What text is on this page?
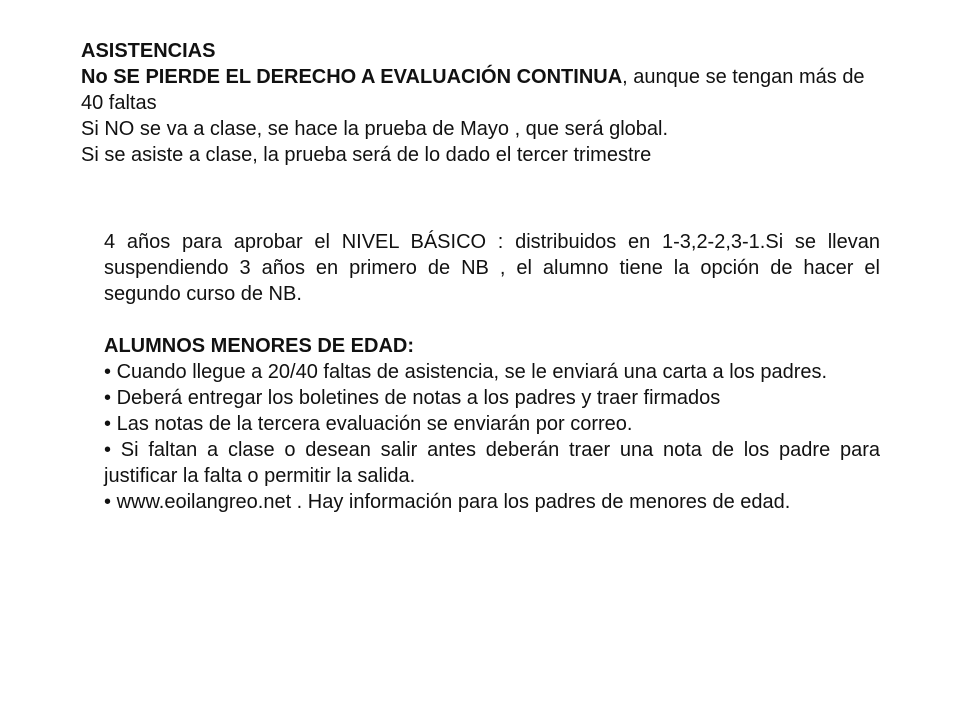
ASISTENCIAS
No SE PIERDE EL DERECHO A EVALUACIÓN CONTINUA, aunque se tengan más de 40 faltas
Si NO se va a clase, se hace la prueba de Mayo , que será global.
Si se asiste a clase, la prueba será de lo dado el tercer trimestre
4 años para aprobar el NIVEL BÁSICO : distribuidos en 1-3,2-2,3-1.Si se llevan suspendiendo 3 años en primero de NB , el alumno tiene la opción de hacer el segundo curso de NB.
ALUMNOS MENORES DE EDAD:
• Cuando llegue a 20/40 faltas de asistencia, se le enviará una carta a los padres.
• Deberá entregar los boletines de notas a los padres y traer firmados
• Las notas de la tercera evaluación se enviarán por correo.
• Si faltan a clase o desean salir antes deberán traer una nota de los padre para justificar la falta o permitir la salida.
• www.eoilangreo.net . Hay información para los padres de menores de edad.
